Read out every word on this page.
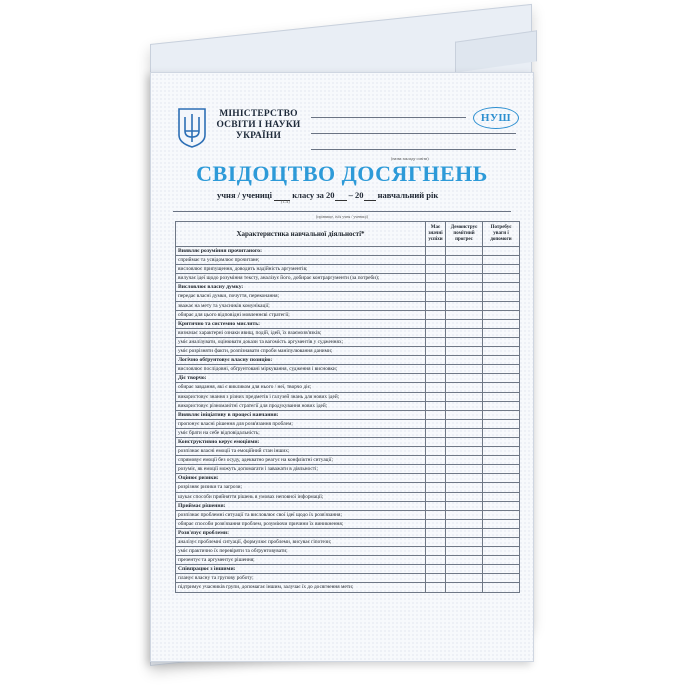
МІНІСТЕРСТВО
ОСВІТИ І НАУКИ
УКРАЇНИ
НУШ
(назва закладу освіти)
СВІДОЦТВО ДОСЯГНЕНЬ
учня / учениці класу за 20 – 20 навчальний рік
(1–4)
(прізвище, ім'я учня / учениці)
Характеристика навчальної діяльності*	Має значні успіхи	Демонструє помітний прогрес	Потребує уваги і допомоги
Виявляє розуміння прочитаного:			
сприймає та усвідомлює прочитане;			
висловлює припущення, доводить надійність аргументів;			
вилучає ідеї щодо розуміння тексту, аналізує його, добирає контраргументи (за потреби);			
Висловлює власну думку:			
передає власні думки, почуття, переконання;			
зважає на мету та учасників комунікації;			
обирає для цього відповідні мовленнєві стратегії;			
Критично та системно мислить:			
визначає характерні ознаки явищ, подій, ідей, їх взаємозв'язків;			
уміє аналізувати, оцінювати докази та вагомість аргументів у судженнях;			
уміє розрізняти факти, розпізнавати спроби маніпулювання даними;			
Логічно обґрунтовує власну позицію:			
висловлює послідовні, обґрунтовані міркування, судження і висновки;			
Діє творчо:			
обирає завдання, які є викликом для нього / неї, творчо діє;			
використовує знання з різних предметів і галузей знань для нових ідей;			
використовує різноманітні стратегії для продукування нових ідей;			
Виявляє ініціативу в процесі навчання:			
пропонує власні рішення для розв'язання проблем;			
уміє брати на себе відповідальність;			
Конструктивно керує емоціями:			
розпізнає власні емоції та емоційний стан інших;			
спрямовує емоції без осуду, адекватно реагує на конфліктні ситуації;			
розуміє, як емоції можуть допомагати і заважати в діяльності;			
Оцінює ризики:			
розрізняє ризики та загрози;			
шукає способи прийняття рішень в умовах неповної інформації;			
Приймає рішення:			
розпізнає проблемні ситуації та висловлює свої ідеї щодо їх розв'язання;			
обирає способи розв'язання проблем, розуміючи причини їх виникнення;			
Розв'язує проблеми:			
аналізує проблемні ситуації, формулює проблеми, висуває гіпотези;			
уміє практично їх перевіряти та обґрунтовувати;			
презентує та аргументує рішення;			
Співпрацює з іншими:			
планує власну та групову роботу;			
підтримує учасників групи, допомагає іншим, залучає їх до досягнення мети;			
